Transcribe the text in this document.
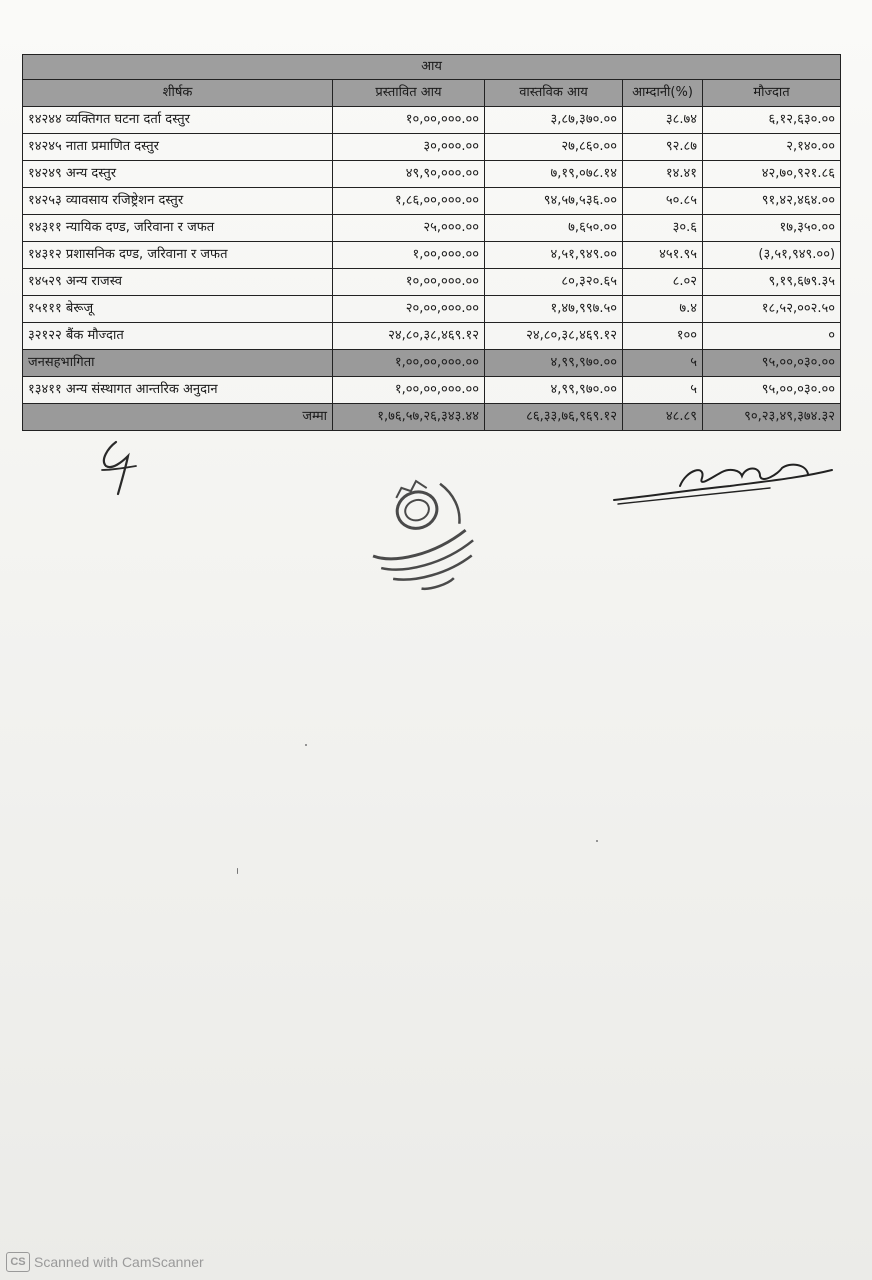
आय				
शीर्षक	प्रस्तावित आय	वास्तविक आय	आम्दानी(%)	मौज्दात
१४२४४ व्यक्तिगत घटना दर्ता दस्तुर	१०,००,०००.००	३,८७,३७०.००	३८.७४	६,१२,६३०.००
१४२४५ नाता प्रमाणित दस्तुर	३०,०००.००	२७,८६०.००	९२.८७	२,१४०.००
१४२४९ अन्य दस्तुर	४९,९०,०००.००	७,१९,०७८.१४	१४.४१	४२,७०,९२१.८६
१४२५३ व्यावसाय रजिष्ट्रेशन दस्तुर	१,८६,००,०००.००	९४,५७,५३६.००	५०.८५	९१,४२,४६४.००
१४३११ न्यायिक दण्ड, जरिवाना र जफत	२५,०००.००	७,६५०.००	३०.६	१७,३५०.००
१४३१२ प्रशासनिक दण्ड, जरिवाना र जफत	१,००,०००.००	४,५१,९४९.००	४५१.९५	(३,५१,९४९.००)
१४५२९ अन्य राजस्व	१०,००,०००.००	८०,३२०.६५	८.०२	९,१९,६७९.३५
१५१११ बेरूजू	२०,००,०००.००	१,४७,९९७.५०	७.४	१८,५२,००२.५०
३२१२२ बैंक मौज्दात	२४,८०,३८,४६९.१२	२४,८०,३८,४६९.१२	१००	०
जनसहभागिता	१,००,००,०००.००	४,९९,९७०.००	५	९५,००,०३०.००
१३४११ अन्य संस्थागत आन्तरिक अनुदान	१,००,००,०००.००	४,९९,९७०.००	५	९५,००,०३०.००
जम्मा	१,७६,५७,२६,३४३.४४	८६,३३,७६,९६९.१२	४८.८९	९०,२३,४९,३७४.३२
CS Scanned with CamScanner
